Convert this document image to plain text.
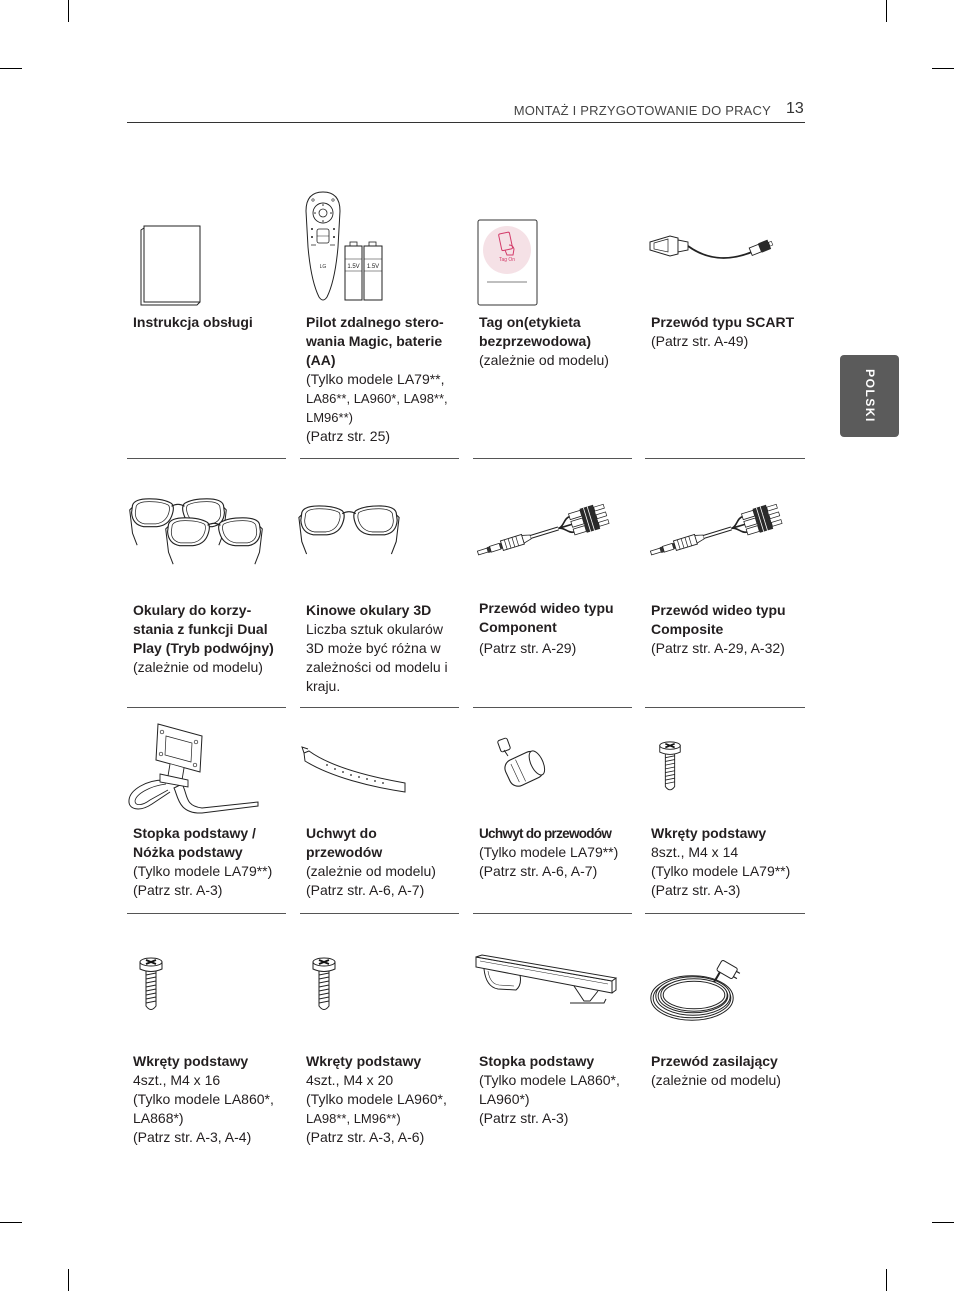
MONTAŻ I PRZYGOTOWANIE DO PRACY 13
POLSKI
LG	1.5V 1.5V
Tag On
Instrukcja obsługi	Pilot zdalnego stero-
wania Magic, baterie
(AA)
(Tylko modele LA79**,
LA86**, LA960*, LA98**,
LM96**)
(Patrz str. 25)
Tag on(etykieta
bezprzewodowa)
(zależnie od modelu)
Przewód typu SCART
(Patrz str. A-49)
Okulary do korzy-
stania z funkcji Dual
Play (Tryb podwójny)
(zależnie od modelu)
Kinowe okulary 3D
Liczba sztuk okularów
3D może być różna w
zależności od modelu i
kraju.
Przewód wideo typu
Component
(Patrz str. A-29)
Przewód wideo typu
Composite
(Patrz str. A-29, A-32)
Stopka podstawy /
Nóżka podstawy
(Tylko modele LA79**)
(Patrz str. A-3)
Uchwyt do
przewodów
(zależnie od modelu)
(Patrz str. A-6, A-7)
Uchwyt do przewodów
(Tylko modele LA79**)
(Patrz str. A-6, A-7)
Wkręty podstawy
8szt., M4 x 14
(Tylko modele LA79**)
(Patrz str. A-3)
Wkręty podstawy
4szt., M4 x 16
(Tylko modele LA860*,
LA868*)
(Patrz str. A-3, A-4)
Wkręty podstawy
4szt., M4 x 20
(Tylko modele LA960*,
LA98**, LM96**)
(Patrz str. A-3, A-6)
Stopka podstawy
(Tylko modele LA860*,
LA960*)
(Patrz str. A-3)
Przewód zasilający
(zależnie od modelu)
